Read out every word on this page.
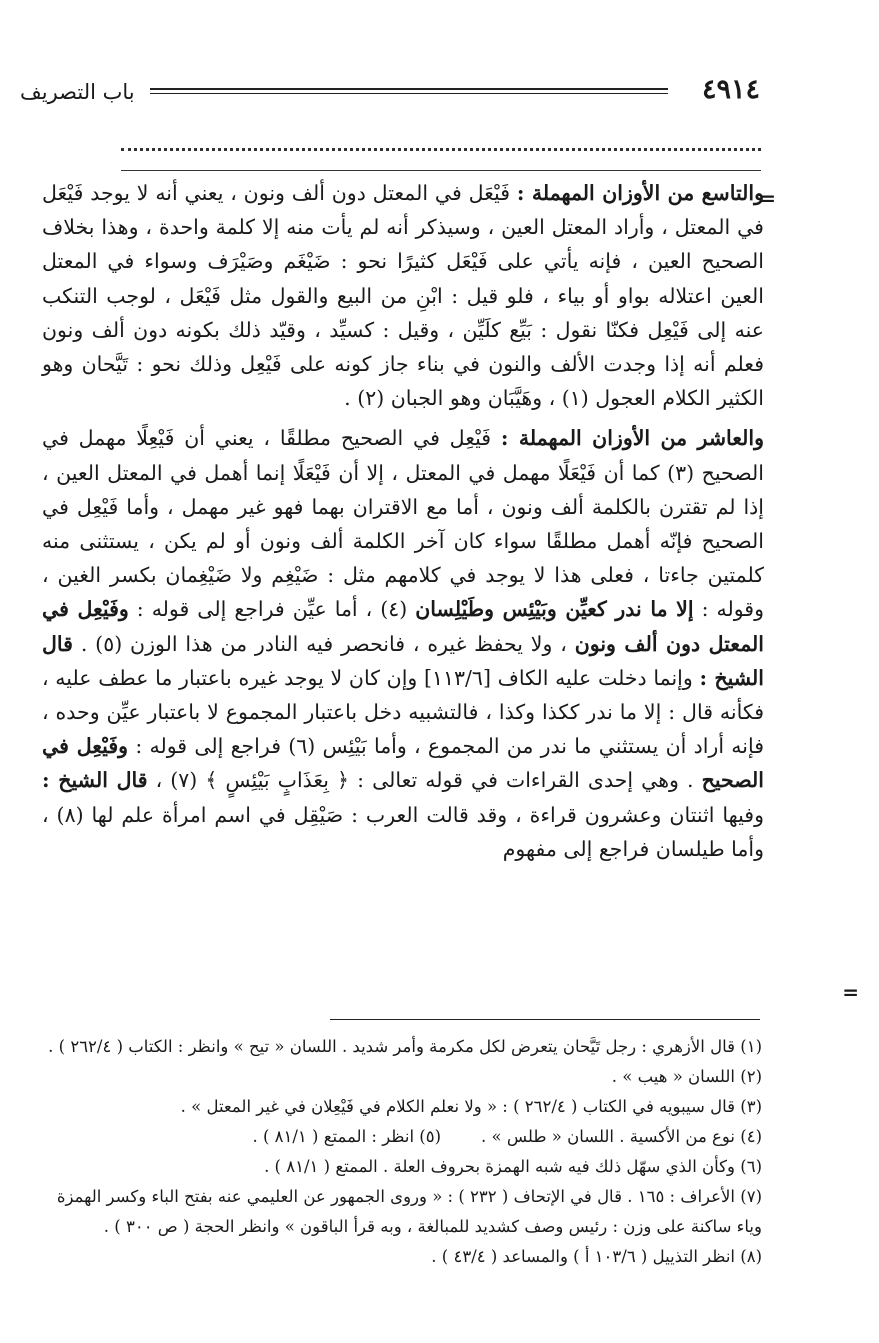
٤٩١٤
باب التصريف
=

والتاسع من الأوزان المهملة : فَيْعَل في المعتل دون ألف ونون ، يعني أنه لا يوجد فَيْعَل في المعتل ، وأراد المعتل العين ، وسيذكر أنه لم يأت منه إلا كلمة واحدة ، وهذا بخلاف الصحيح العين ، فإنه يأتي على فَيْعَل كثيرًا نحو : ضَيْغَم وصَيْرَف وسواء في المعتل العين اعتلاله بواو أو بياء ، فلو قيل : ابْنِ من البيع والقول مثل فَيْعَل ، لوجب التنكب عنه إلى فَيْعِل فكنّا نقول : بَيِّع كلَيِّن ، وقيل : كسيِّد ، وقيّد ذلك بكونه دون ألف ونون فعلم أنه إذا وجدت الألف والنون في بناء جاز كونه على فَيْعِل وذلك نحو : تَيَّحان وهو الكثير الكلام العجول (١) ، وهَيَّبَان وهو الجبان (٢) .

والعاشر من الأوزان المهملة : فَيْعِل في الصحيح مطلقًا ، يعني أن فَيْعِلًا مهمل في الصحيح (٣) كما أن فَيْعَلًا مهمل في المعتل ، إلا أن فَيْعَلًا إنما أهمل في المعتل العين ، إذا لم تقترن بالكلمة ألف ونون ، أما مع الاقتران بهما فهو غير مهمل ، وأما فَيْعِل في الصحيح فإنّه أهمل مطلقًا سواء كان آخر الكلمة ألف ونون أو لم يكن ، يستثنى منه كلمتين جاءتا ، فعلى هذا لا يوجد في كلامهم مثل : ضَيْغِم ولا ضَيْغِمان بكسر الغين ، وقوله : إلا ما ندر كعيِّن وبَيْئِس وطَيْلِسان (٤) ، أما عيِّن فراجع إلى قوله : وفَيْعِل في المعتل دون ألف ونون ، ولا يحفظ غيره ، فانحصر فيه النادر من هذا الوزن (٥) . قال الشيخ : وإنما دخلت عليه الكاف [١١٣/٦] وإن كان لا يوجد غيره باعتبار ما عطف عليه ، فكأنه قال : إلا ما ندر ككذا وكذا ، فالتشبيه دخل باعتبار المجموع لا باعتبار عيِّن وحده ، فإنه أراد أن يستثني ما ندر من المجموع ، وأما بَيْئِس (٦) فراجع إلى قوله : وفَيْعِل في الصحيح . وهي إحدى القراءات في قوله تعالى : ﴿ بِعَذَابٍ بَيْئِسٍ ﴾ (٧) ، قال الشيخ : وفيها اثنتان وعشرون قراءة ، وقد قالت العرب : صَيْقِل في اسم امرأة علم لها (٨) ، وأما طيلسان فراجع إلى مفهوم

=

(١) قال الأزهري : رجل تَيَّحان يتعرض لكل مكرمة وأمر شديد . اللسان « تيح » وانظر : الكتاب ( ٢٦٢/٤ ) .

(٢) اللسان « هيب » .

(٣) قال سيبويه في الكتاب ( ٢٦٢/٤ ) : « ولا نعلم الكلام في فَيْعِلان في غير المعتل » .

(٤) نوع من الأكسية . اللسان « طلس » .
(٥) انظر : الممتع ( ٨١/١ ) .

(٦) وكأن الذي سهّل ذلك فيه شبه الهمزة بحروف العلة . الممتع ( ٨١/١ ) .

(٧) الأعراف : ١٦٥ . قال في الإتحاف ( ٢٣٢ ) : « وروى الجمهور عن العليمي عنه بفتح الباء وكسر الهمزة وياء ساكنة على وزن : رئيس وصف كشديد للمبالغة ، وبه قرأ الباقون » وانظر الحجة ( ص ٣٠٠ ) .

(٨) انظر التذييل ( ١٠٣/٦ أ ) والمساعد ( ٤٣/٤ ) .
